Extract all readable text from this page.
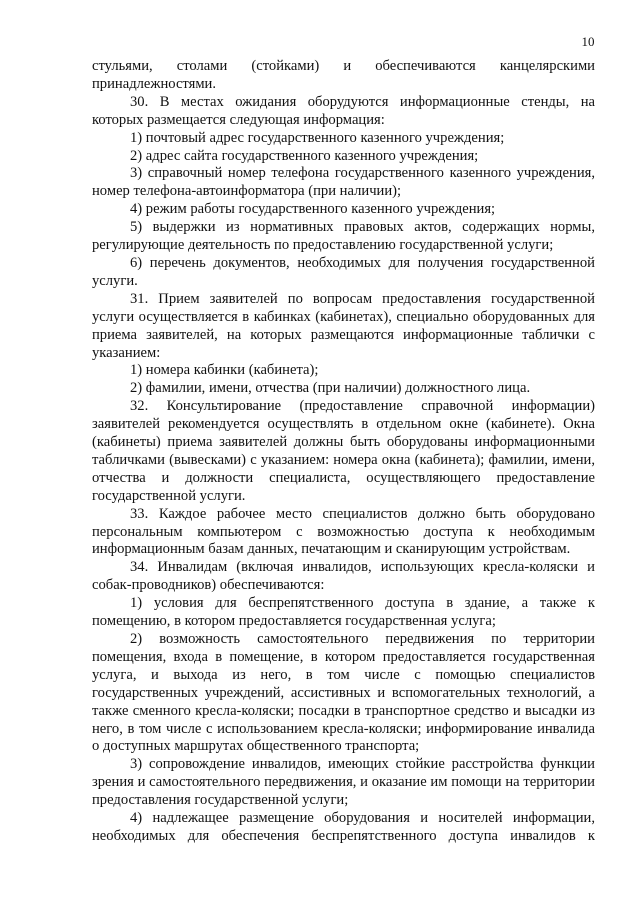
10

стульями, столами (стойками) и обеспечиваются канцелярскими принадлежностями.

30. В местах ожидания оборудуются информационные стенды, на которых размещается следующая информация:

1) почтовый адрес государственного казенного учреждения;

2) адрес сайта государственного казенного учреждения;

3) справочный номер телефона государственного казенного учреждения, номер телефона-автоинформатора (при наличии);

4) режим работы государственного казенного учреждения;

5) выдержки из нормативных правовых актов, содержащих нормы, регулирующие деятельность по предоставлению государственной услуги;

6) перечень документов, необходимых для получения государственной услуги.

31. Прием заявителей по вопросам предоставления государственной услуги осуществляется в кабинках (кабинетах), специально оборудованных для приема заявителей, на которых размещаются информационные таблички с указанием:

1) номера кабинки (кабинета);

2) фамилии, имени, отчества (при наличии) должностного лица.

32. Консультирование (предоставление справочной информации) заявителей рекомендуется осуществлять в отдельном окне (кабинете). Окна (кабинеты) приема заявителей должны быть оборудованы информационными табличками (вывесками) с указанием: номера окна (кабинета); фамилии, имени, отчества и должности специалиста, осуществляющего предоставление государственной услуги.

33. Каждое рабочее место специалистов должно быть оборудовано персональным компьютером с возможностью доступа к необходимым информационным базам данных, печатающим и сканирующим устройствам.

34. Инвалидам (включая инвалидов, использующих кресла-коляски и собак-проводников) обеспечиваются:

1) условия для беспрепятственного доступа в здание, а также к помещению, в котором предоставляется государственная услуга;

2) возможность самостоятельного передвижения по территории помещения, входа в помещение, в котором предоставляется государственная услуга, и выхода из него, в том числе с помощью специалистов государственных учреждений, ассистивных и вспомогательных технологий, а также сменного кресла-коляски; посадки в транспортное средство и высадки из него, в том числе с использованием кресла-коляски; информирование инвалида о доступных маршрутах общественного транспорта;

3) сопровождение инвалидов, имеющих стойкие расстройства функции зрения и самостоятельного передвижения, и оказание им помощи на территории предоставления государственной услуги;

4) надлежащее размещение оборудования и носителей информации, необходимых для обеспечения беспрепятственного доступа инвалидов к
